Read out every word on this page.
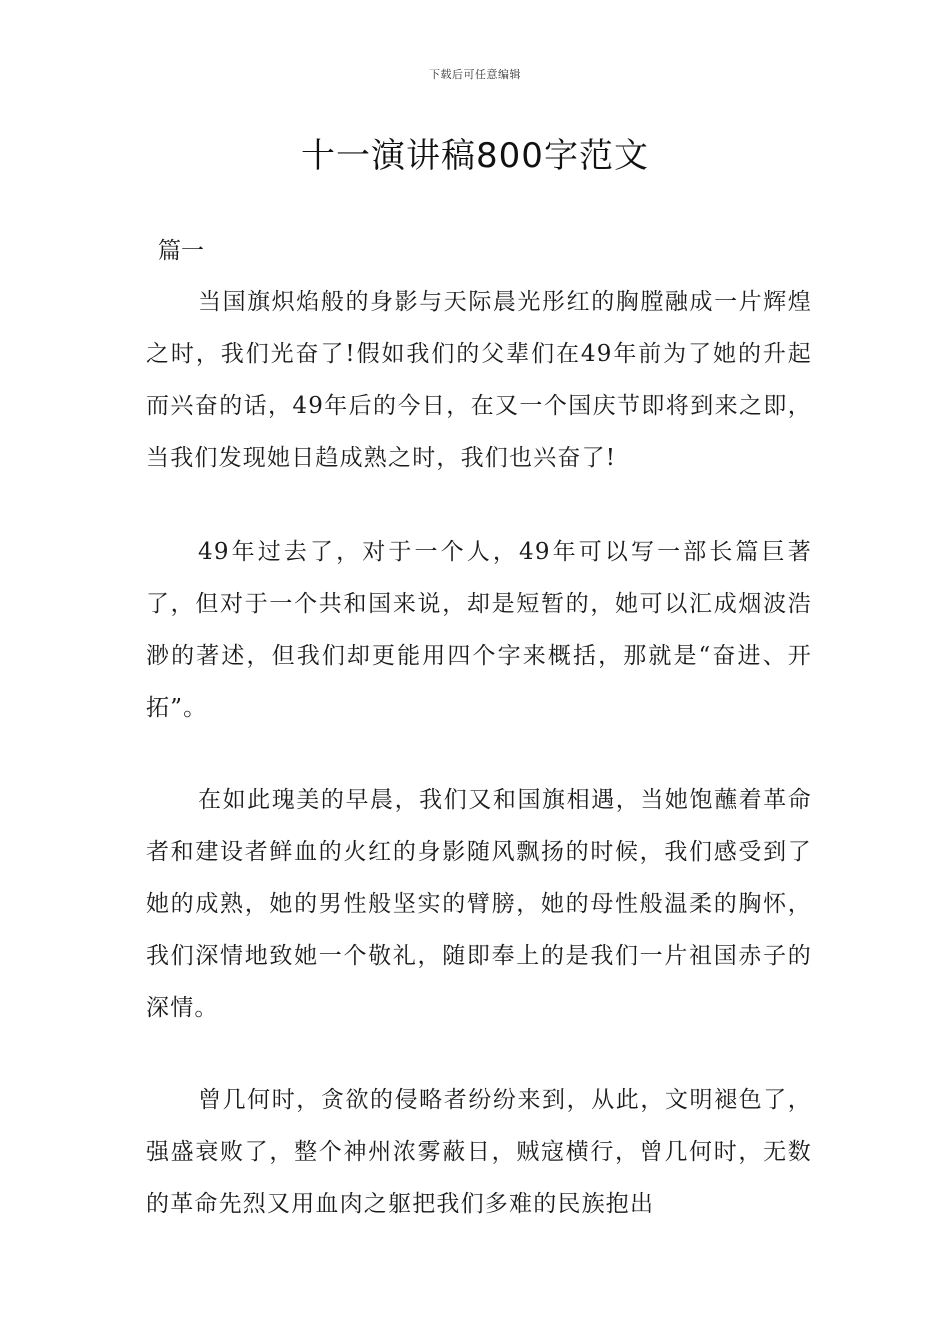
下载后可任意编辑
十一演讲稿800字范文
篇一

当国旗炽焰般的身影与天际晨光彤红的胸膛融成一片辉煌之时，我们光奋了!假如我们的父辈们在49年前为了她的升起而兴奋的话，49年后的今日，在又一个国庆节即将到来之即，当我们发现她日趋成熟之时，我们也兴奋了!

49年过去了，对于一个人，49年可以写一部长篇巨著了，但对于一个共和国来说，却是短暂的，她可以汇成烟波浩渺的著述，但我们却更能用四个字来概括，那就是“奋进、开拓”。

在如此瑰美的早晨，我们又和国旗相遇，当她饱蘸着革命者和建设者鲜血的火红的身影随风飘扬的时候，我们感受到了她的成熟，她的男性般坚实的臂膀，她的母性般温柔的胸怀，我们深情地致她一个敬礼，随即奉上的是我们一片祖国赤子的深情。

曾几何时，贪欲的侵略者纷纷来到，从此，文明褪色了，强盛衰败了，整个神州浓雾蔽日，贼寇横行，曾几何时，无数的革命先烈又用血肉之躯把我们多难的民族抱出
